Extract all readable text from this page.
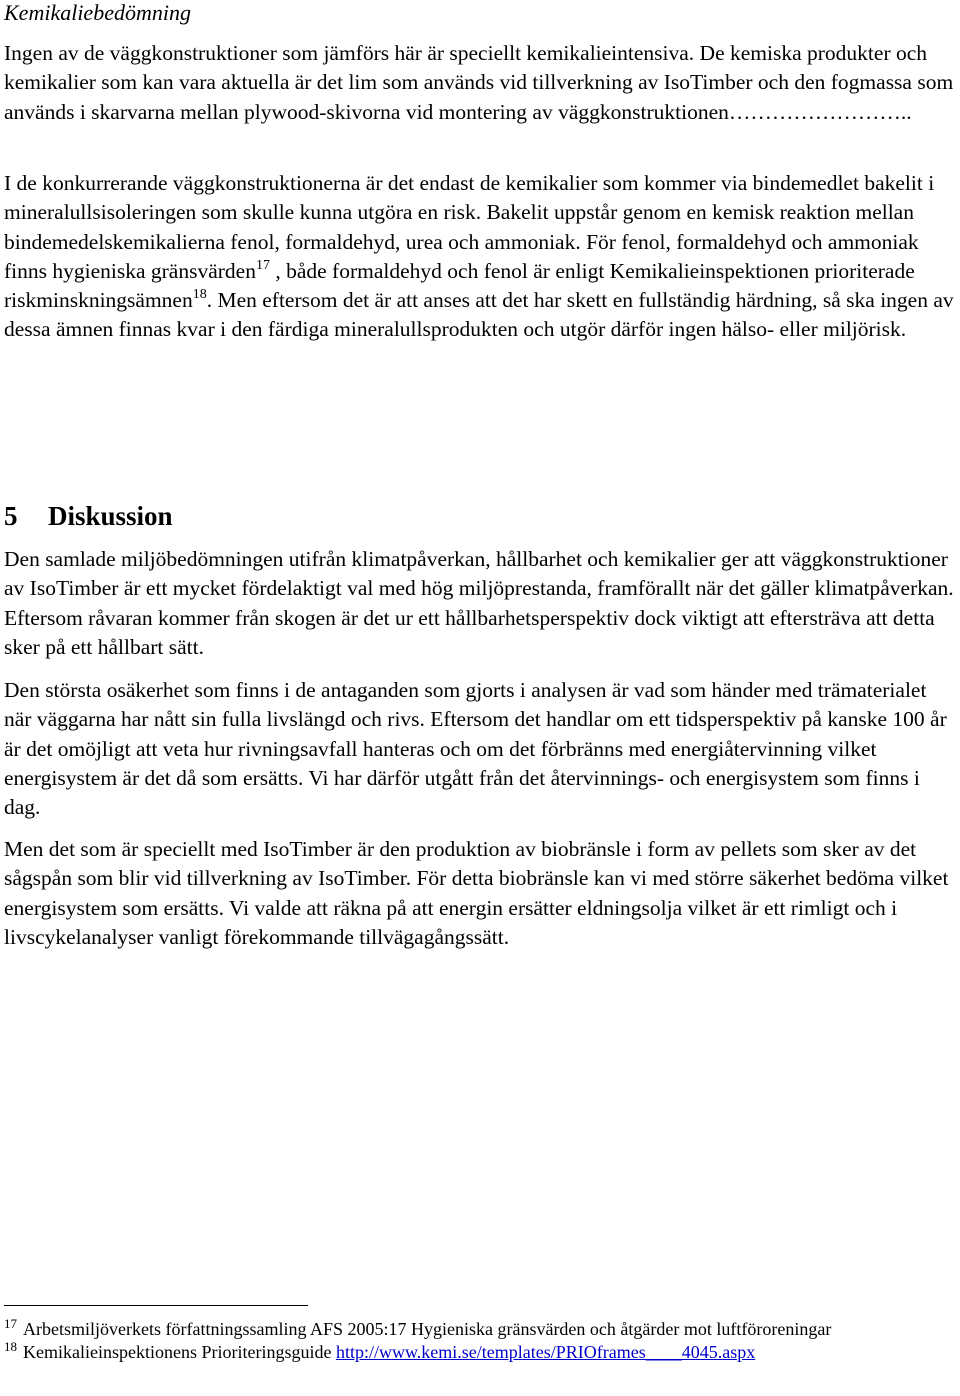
Kemikaliebedömning

Ingen av de väggkonstruktioner som jämförs här är speciellt kemikalieintensiva. De kemiska produkter och kemikalier som kan vara aktuella är det lim som används vid tillverkning av IsoTimber och den fogmassa som används i skarvarna mellan plywood-skivorna vid montering av väggkonstruktionen……………………..

I de konkurrerande väggkonstruktionerna är det endast de kemikalier som kommer via bindemedlet bakelit i mineralullsisoleringen som skulle kunna utgöra en risk. Bakelit uppstår genom en kemisk reaktion mellan bindemedelskemikalierna fenol, formaldehyd, urea och ammoniak. För fenol, formaldehyd och ammoniak finns hygieniska gränsvärden$^{17}$ , både formaldehyd och fenol är enligt Kemikalieinspektionen prioriterade riskminskningsämnen$^{18}$. Men eftersom det är att anses att det har skett en fullständig härdning, så ska ingen av dessa ämnen finnas kvar i den färdiga mineralullsprodukten och utgör därför ingen hälso- eller miljörisk.

5 Diskussion

Den samlade miljöbedömningen utifrån klimatpåverkan, hållbarhet och kemikalier ger att väggkonstruktioner av IsoTimber är ett mycket fördelaktigt val med hög miljöprestanda, framförallt när det gäller klimatpåverkan. Eftersom råvaran kommer från skogen är det ur ett hållbarhetsperspektiv dock viktigt att eftersträva att detta sker på ett hållbart sätt.

Den största osäkerhet som finns i de antaganden som gjorts i analysen är vad som händer med trämaterialet när väggarna har nått sin fulla livslängd och rivs. Eftersom det handlar om ett tidsperspektiv på kanske 100 år är det omöjligt att veta hur rivningsavfall hanteras och om det förbränns med energiåtervinning vilket energisystem är det då som ersätts. Vi har därför utgått från det återvinnings- och energisystem som finns i dag.

Men det som är speciellt med IsoTimber är den produktion av biobränsle i form av pellets som sker av det sågspån som blir vid tillverkning av IsoTimber. För detta biobränsle kan vi med större säkerhet bedöma vilket energisystem som ersätts. Vi valde att räkna på att energin ersätter eldningsolja vilket är ett rimligt och i livscykelanalyser vanligt förekommande tillvägagångssätt.

$^{17}$ Arbetsmiljöverkets författningssamling AFS 2005:17 Hygieniska gränsvärden och åtgärder mot luftföroreningar
$^{18}$ Kemikalieinspektionens Prioriteringsguide http://www.kemi.se/templates/PRIOframes____4045.aspx
